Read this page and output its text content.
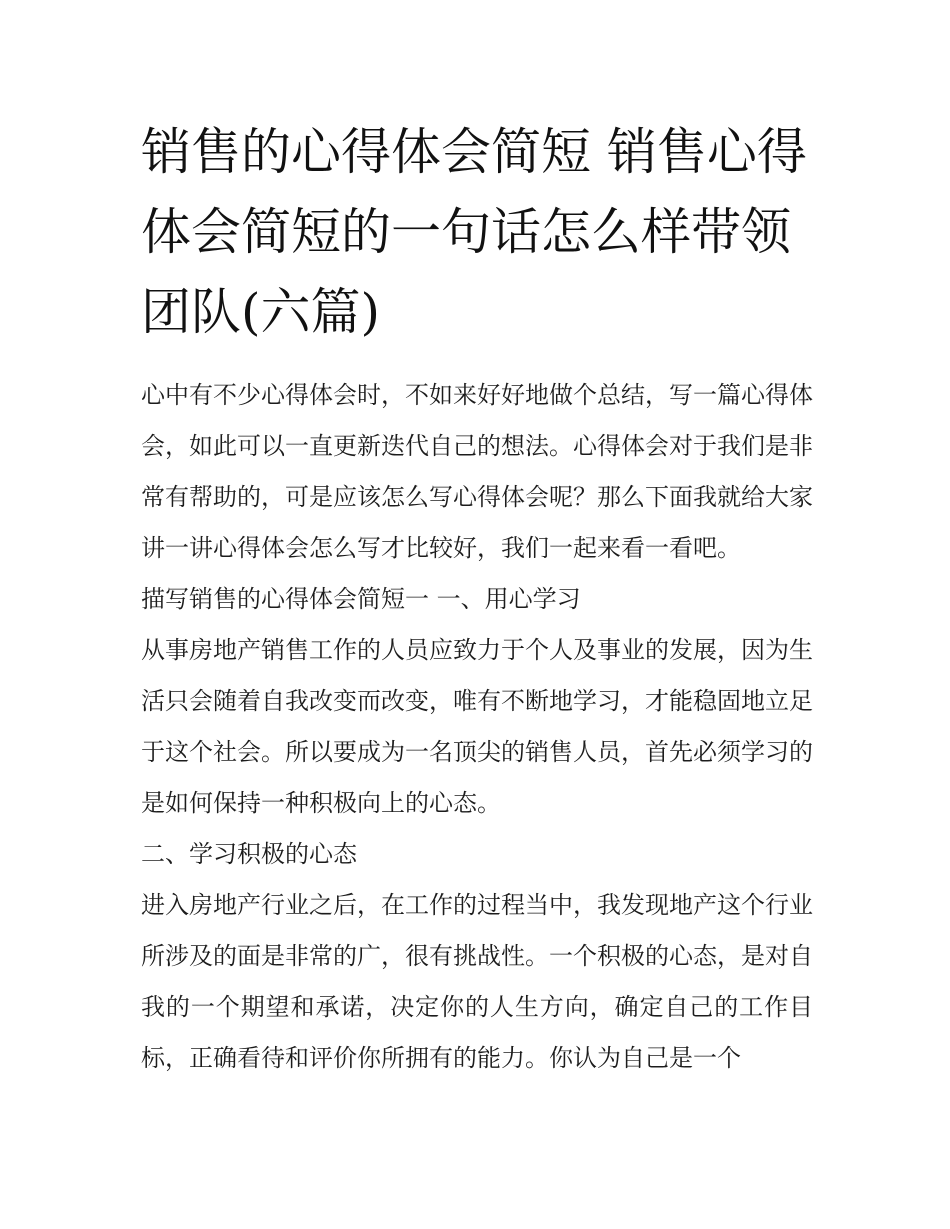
销售的心得体会简短 销售心得体会简短的一句话怎么样带领团队(六篇)

心中有不少心得体会时，不如来好好地做个总结，写一篇心得体会，如此可以一直更新迭代自己的想法。心得体会对于我们是非常有帮助的，可是应该怎么写心得体会呢？那么下面我就给大家讲一讲心得体会怎么写才比较好，我们一起来看一看吧。

描写销售的心得体会简短一 一、用心学习

从事房地产销售工作的人员应致力于个人及事业的发展，因为生活只会随着自我改变而改变，唯有不断地学习，才能稳固地立足于这个社会。所以要成为一名顶尖的销售人员，首先必须学习的是如何保持一种积极向上的心态。

二、学习积极的心态

进入房地产行业之后，在工作的过程当中，我发现地产这个行业所涉及的面是非常的广，很有挑战性。一个积极的心态，是对自我的一个期望和承诺，决定你的人生方向，确定自己的工作目标，正确看待和评价你所拥有的能力。你认为自己是一个
